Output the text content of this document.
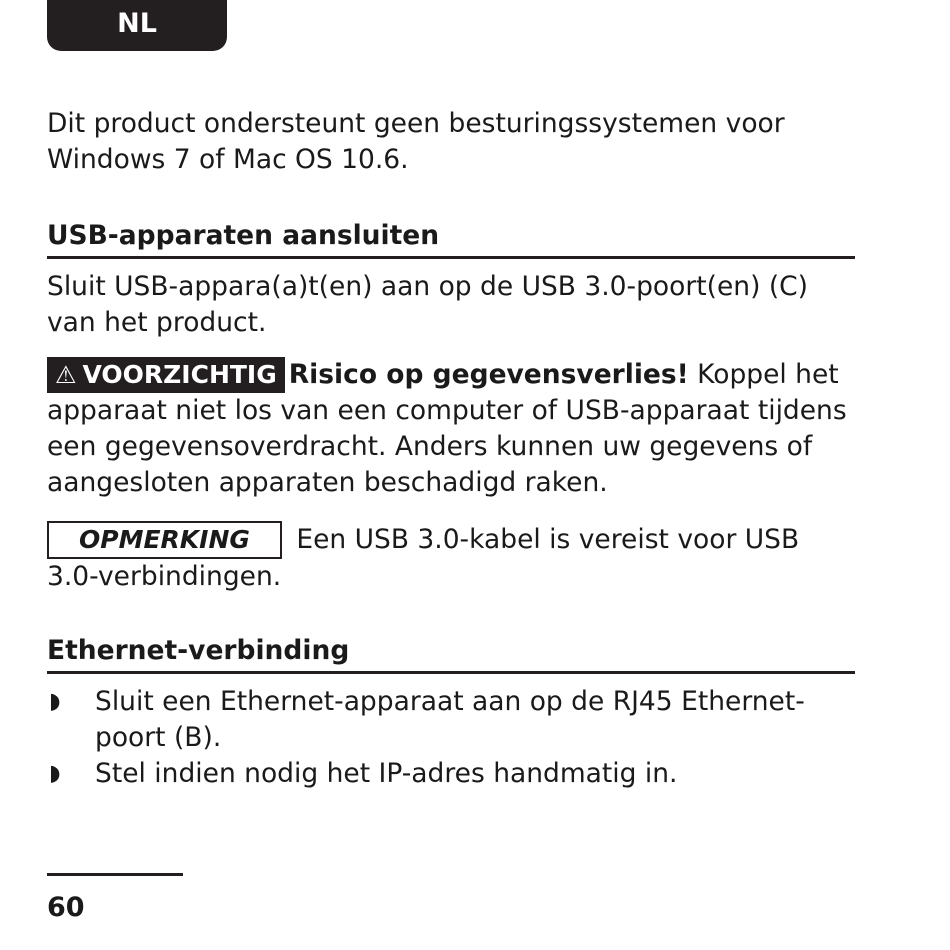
NL

Dit product ondersteunt geen besturingssystemen voor Windows 7 of Mac OS 10.6.

USB-apparaten aansluiten

Sluit USB-appara(a)t(en) aan op de USB 3.0-poort(en) (C) van het product.

⚠ VOORZICHTIG Risico op gegevensverlies! Koppel het apparaat niet los van een computer of USB-apparaat tijdens een gegevensoverdracht. Anders kunnen uw gegevens of aangesloten apparaten beschadigd raken.

OPMERKING Een USB 3.0-kabel is vereist voor USB 3.0-verbindingen.

Ethernet-verbinding
◗ Sluit een Ethernet-apparaat aan op de RJ45 Ethernet-poort (B).
◗ Stel indien nodig het IP-adres handmatig in.
60
